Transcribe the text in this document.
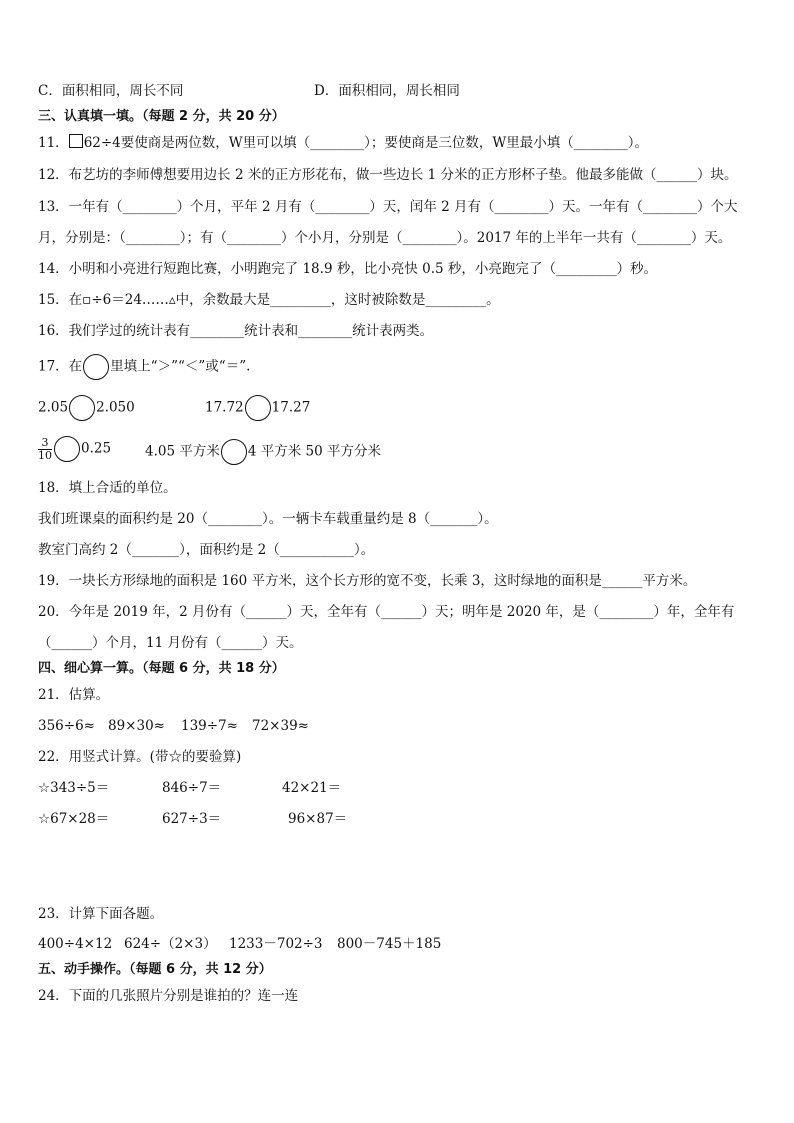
C．面积相同，周长不同	D．面积相同，周长相同
三、认真填一填。（每题 2 分，共 20 分）
11． 62÷4要使商是两位数，W里可以填（________）；要使商是三位数，W里最小填（________）。
12．布艺坊的李师傅想要用边长 2 米的正方形花布，做一些边长 1 分米的正方形杯子垫。他最多能做（______）块。
13．一年有（________）个月，平年 2 月有（________）天，闰年 2 月有（________）天。一年有（________）个大
月，分别是：（________）；有（________）个小月，分别是（________）。2017 年的上半年一共有（________）天。
14．小明和小亮进行短跑比赛，小明跑完了 18.9 秒，比小亮快 0.5 秒，小亮跑完了（_________）秒。
15．在▫÷6＝24……▵中，余数最大是_________，这时被除数是_________。
16．我们学过的统计表有________统计表和________统计表两类。
17．在 里填上“＞”“＜”或“＝”.
2.05 2.050	17.72 17.27
$\frac{3}{10} 0.25$	4.05 平方米 4 平方米 50 平方分米
18．填上合适的单位。
我们班课桌的面积约是 20（________）。一辆卡车载重量约是 8（_______）。
教室门高约 2（_______），面积约是 2（___________）。
19．一块长方形绿地的面积是 160 平方米，这个长方形的宽不变，长乘 3，这时绿地的面积是______平方米。
20．今年是 2019 年，2 月份有（______）天，全年有（______）天；明年是 2020 年，是（________）年，全年有
（______）个月，11 月份有（______）天。
四、细心算一算。（每题 6 分，共 18 分）
21．估算。
356÷6≈ 89×30≈ 139÷7≈ 72×39≈
22．用竖式计算。(带☆的要验算)
☆343÷5＝	846÷7＝	42×21＝
☆67×28＝	627÷3＝	96×87＝
23．计算下面各题。
400÷4×12 624÷（2×3） 1233－702÷3 800－745＋185
五、动手操作。（每题 6 分，共 12 分）
24．下面的几张照片分别是谁拍的？连一连
